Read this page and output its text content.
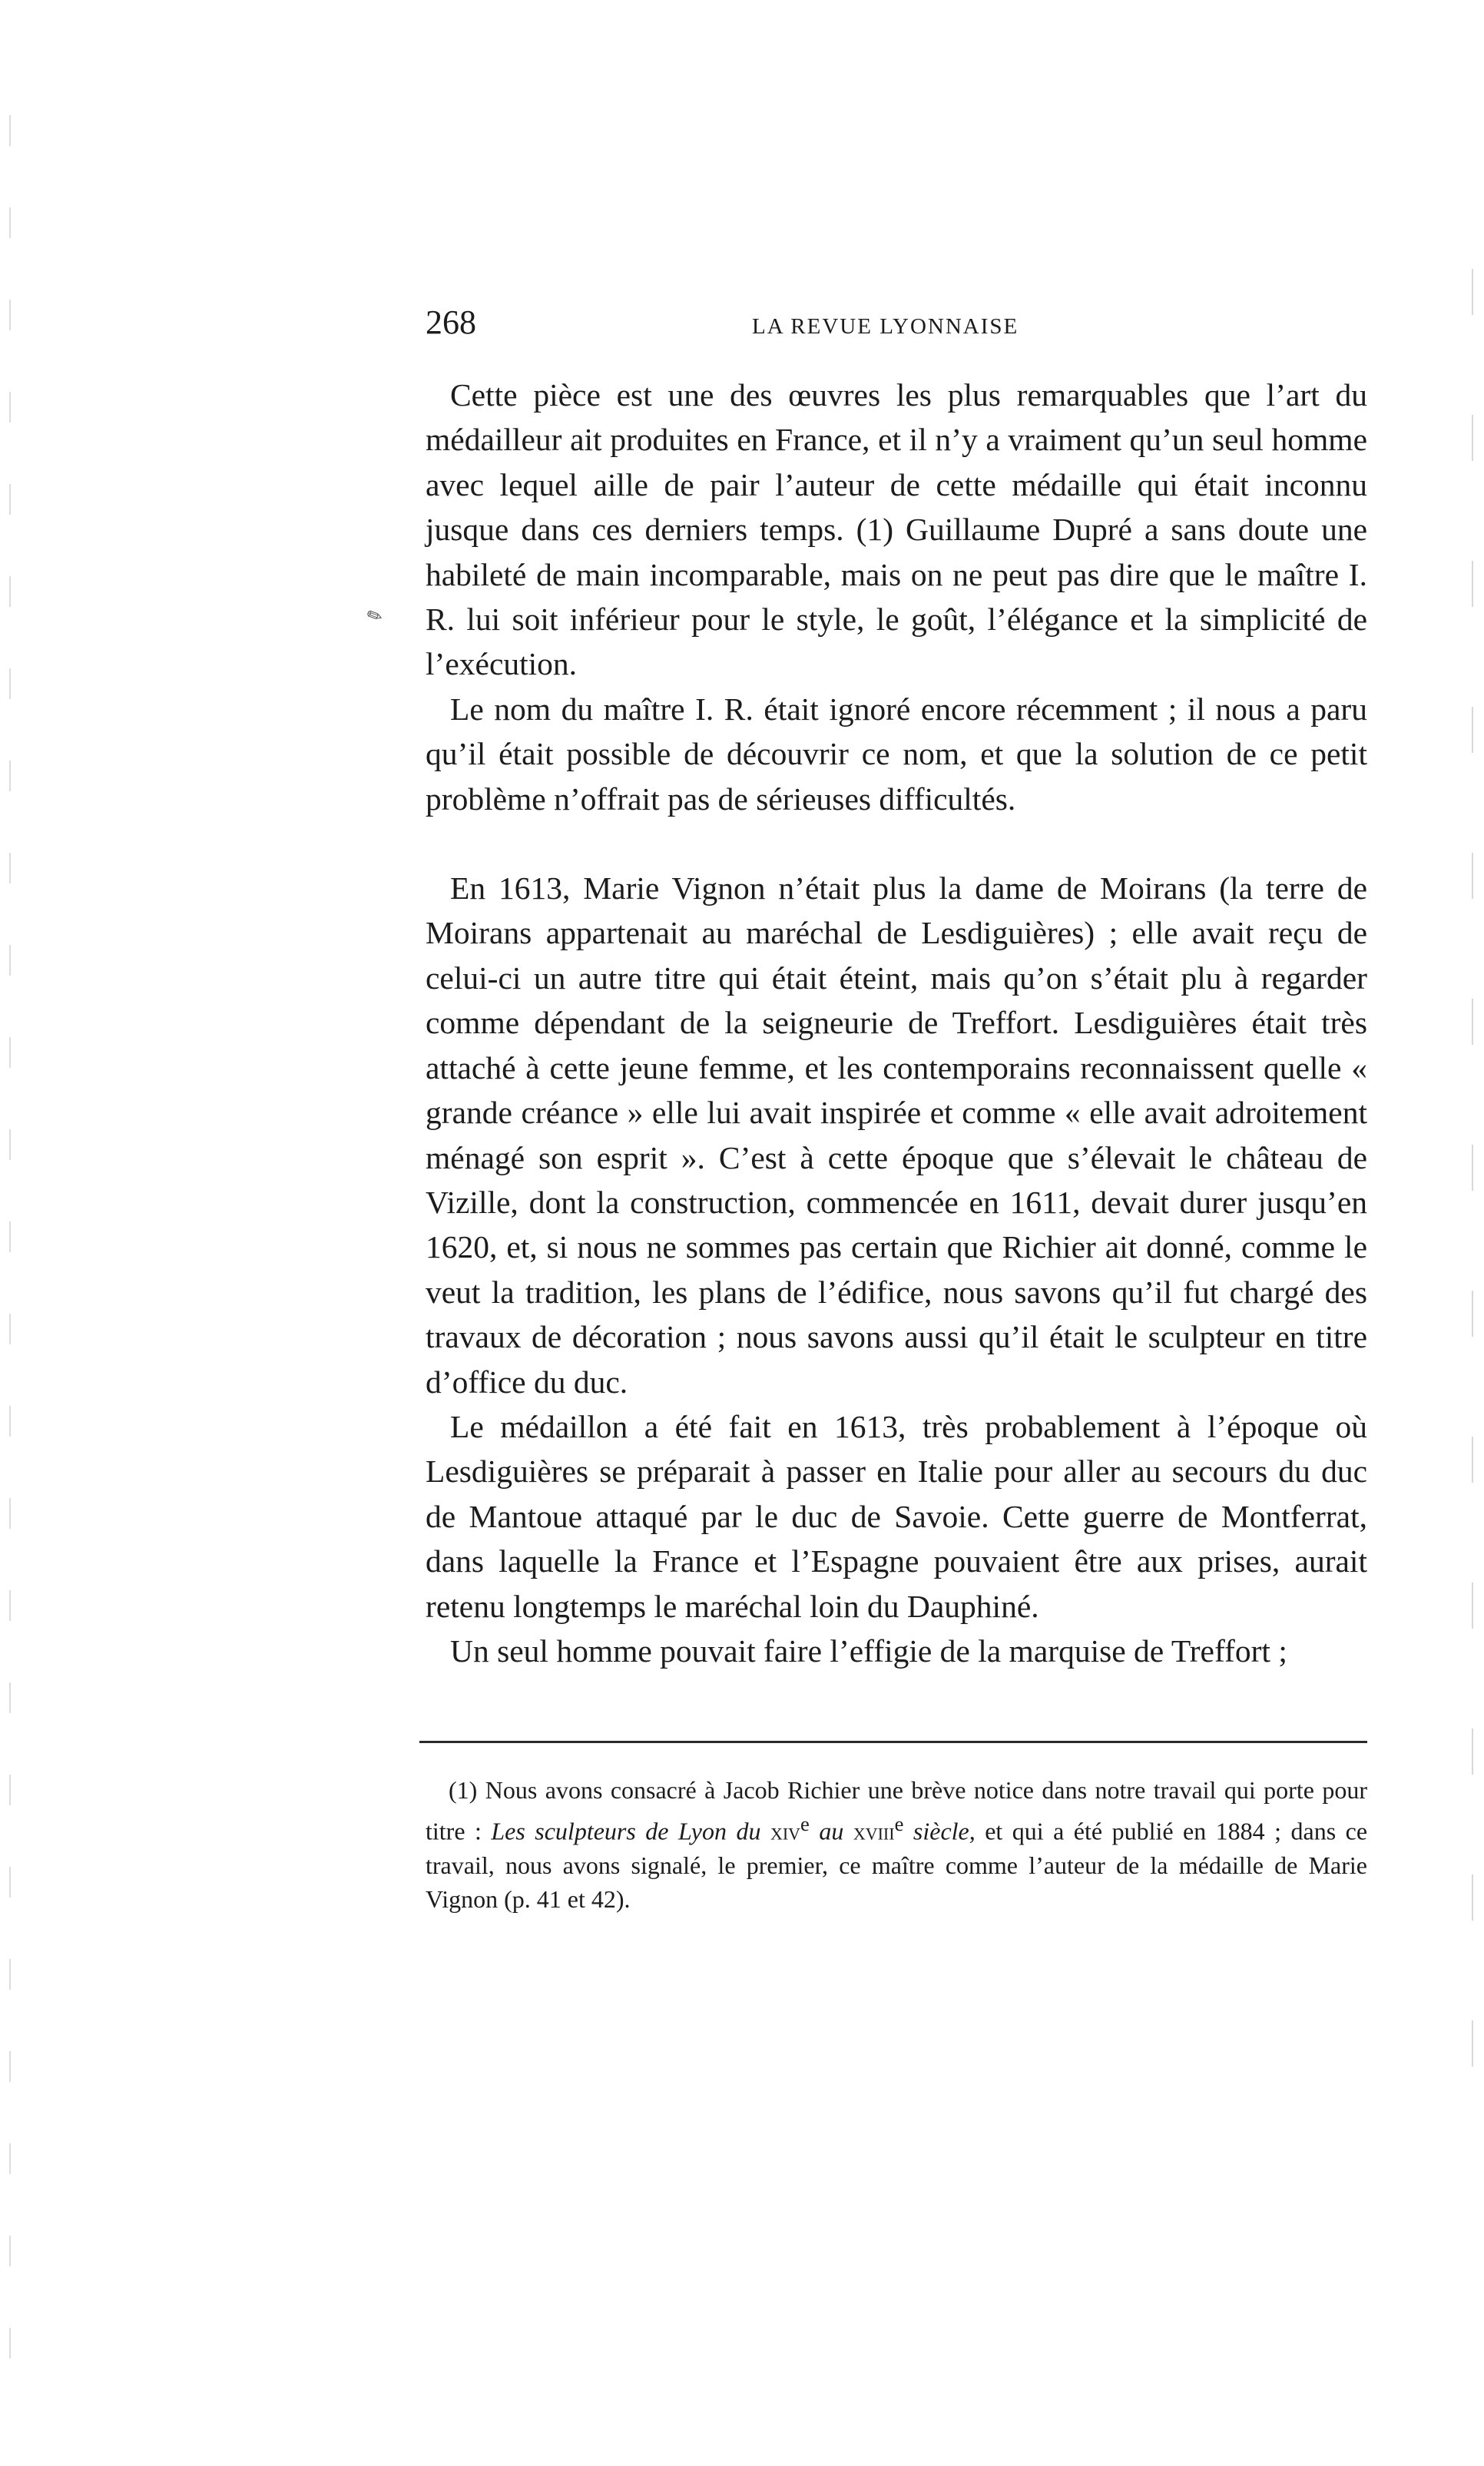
268	LA REVUE LYONNAISE
✎

Cette pièce est une des œuvres les plus remarquables que l’art du médailleur ait produites en France, et il n’y a vraiment qu’un seul homme avec lequel aille de pair l’auteur de cette médaille qui était inconnu jusque dans ces derniers temps. (1) Guillaume Dupré a sans doute une habileté de main incomparable, mais on ne peut pas dire que le maître I. R. lui soit inférieur pour le style, le goût, l’élégance et la simplicité de l’exécution.

Le nom du maître I. R. était ignoré encore récemment ; il nous a paru qu’il était possible de découvrir ce nom, et que la solution de ce petit problème n’offrait pas de sérieuses difficultés.

En 1613, Marie Vignon n’était plus la dame de Moirans (la terre de Moirans appartenait au maréchal de Lesdiguières) ; elle avait reçu de celui-ci un autre titre qui était éteint, mais qu’on s’était plu à regarder comme dépendant de la seigneurie de Treffort. Lesdiguières était très attaché à cette jeune femme, et les contemporains reconnaissent quelle « grande créance » elle lui avait inspirée et comme « elle avait adroitement ménagé son esprit ». C’est à cette époque que s’élevait le château de Vizille, dont la construction, commencée en 1611, devait durer jusqu’en 1620, et, si nous ne sommes pas certain que Richier ait donné, comme le veut la tradition, les plans de l’édifice, nous savons qu’il fut chargé des travaux de décoration ; nous savons aussi qu’il était le sculpteur en titre d’office du duc.

Le médaillon a été fait en 1613, très probablement à l’époque où Lesdiguières se préparait à passer en Italie pour aller au secours du duc de Mantoue attaqué par le duc de Savoie. Cette guerre de Montferrat, dans laquelle la France et l’Espagne pouvaient être aux prises, aurait retenu longtemps le maréchal loin du Dauphiné.

Un seul homme pouvait faire l’effigie de la marquise de Treffort ;

(1) Nous avons consacré à Jacob Richier une brève notice dans notre travail qui porte pour titre : Les sculpteurs de Lyon du xiv$^e$ au xviii$^e$ siècle, et qui a été publié en 1884 ; dans ce travail, nous avons signalé, le premier, ce maître comme l’auteur de la médaille de Marie Vignon (p. 41 et 42).
